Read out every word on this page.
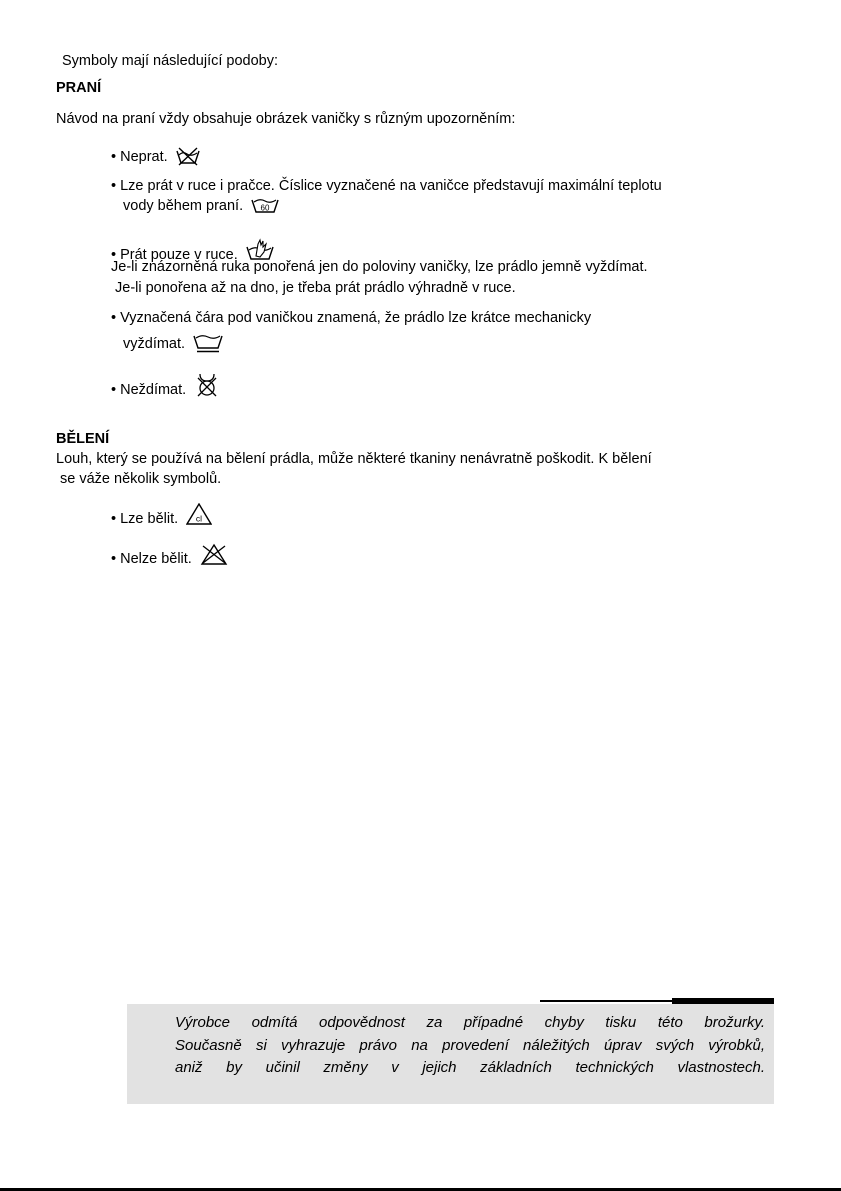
Symboly mají následující podoby:
PRANÍ
Návod na praní vždy obsahuje obrázek vaničky s různým upozorněním:
• Neprat.
• Lze prát v ruce i pračce. Číslice vyznačené na vaničce představují maximální teplotu
vody během praní. 60
• Prát pouze v ruce.
Je-li znázorněná ruka ponořená jen do poloviny vaničky, lze prádlo jemně vyždímat.
Je-li ponořena až na dno, je třeba prát prádlo výhradně v ruce.
• Vyznačená čára pod vaničkou znamená, že prádlo lze krátce mechanicky
vyždímat.
• Neždímat.
BĚLENÍ
Louh, který se používá na bělení prádla, může některé tkaniny nenávratně poškodit. K bělení
se váže několik symbolů.
• Lze bělit. cl
• Nelze bělit.
Výrobce odmítá odpovědnost za případné chyby tisku této brožurky.
Současně si vyhrazuje právo na provedení náležitých úprav svých výrobků,
aniž by učinil změny v jejich základních technických vlastnostech.
